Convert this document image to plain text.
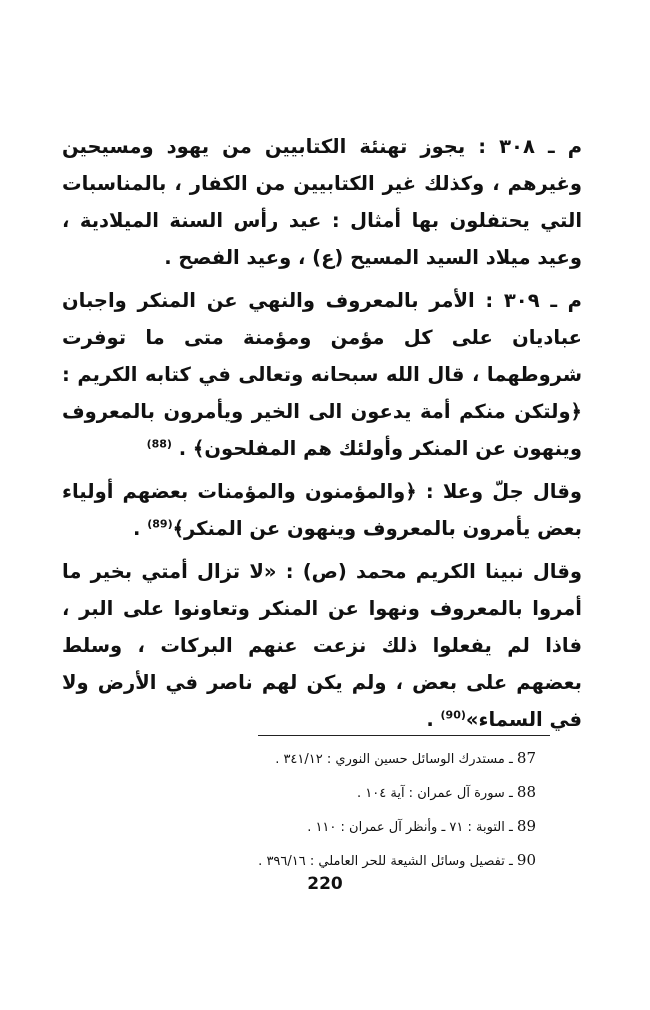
م ـ ٣٠٨ : يجوز تهنئة الكتابيين من يهود ومسيحين وغيرهم ، وكذلك غير الكتابيين من الكفار ، بالمناسبات التي يحتفلون بها أمثال : عيد رأس السنة الميلادية ، وعيد ميلاد السيد المسيح (ع) ، وعيد الفصح .
م ـ ٣٠٩ : الأمر بالمعروف والنهي عن المنكر واجبان عباديان على كل مؤمن ومؤمنة متى ما توفرت شروطهما ، قال الله سبحانه وتعالى في كتابه الكريم : ﴿ولتكن منكم أمة يدعون الى الخير ويأمرون بالمعروف وينهون عن المنكر وأولئك هم المفلحون﴾ . $^{(88)}$
وقال جلّ وعلا : ﴿والمؤمنون والمؤمنات بعضهم أولياء بعض يأمرون بالمعروف وينهون عن المنكر﴾$^{(89)}$ .
وقال نبينا الكريم محمد (ص) : «لا تزال أمتي بخير ما أمروا بالمعروف ونهوا عن المنكر وتعاونوا على البر ، فاذا لم يفعلوا ذلك نزعت عنهم البركات ، وسلط بعضهم على بعض ، ولم يكن لهم ناصر في الأرض ولا في السماء»$^{(90)}$ .
87 ـ مستدرك الوسائل حسين النوري : ٣٤١/١٢ .
88 ـ سورة آل عمران : آية ١٠٤ .
89 ـ التوبة : ٧١ ـ وأنظر آل عمران : ١١٠ .
90 ـ تفصيل وسائل الشيعة للحر العاملي : ٣٩٦/١٦ .
220
